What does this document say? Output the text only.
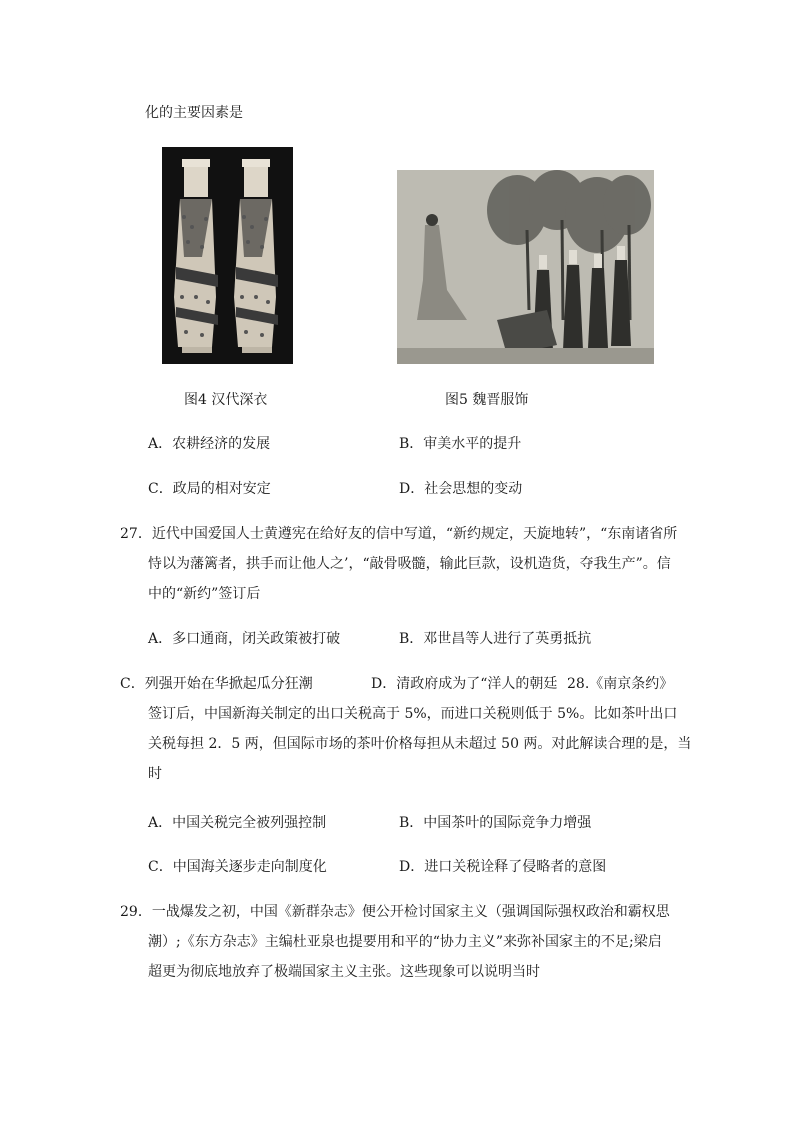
化的主要因素是
图4 汉代深衣	图5 魏晋服饰
A．农耕经济的发展	B．审美水平的提升
C．政局的相对安定	D．社会思想的变动
27．近代中国爱国人士黄遵宪在给好友的信中写道，“新约规定，天旋地转”，“东南诸省所
恃以为藩篱者，拱手而让他人之’，“敲骨吸髓，输此巨款，设机造货，夺我生产”。信
中的“新约”签订后
A．多口通商，闭关政策被打破	B．邓世昌等人进行了英勇抵抗
C．列强开始在华掀起瓜分狂潮	D．清政府成为了“洋人的朝廷 28.《南京条约》
签订后，中国新海关制定的出口关税高于 5%，而进口关税则低于 5%。比如茶叶出口
关税每担 2．5 两，但国际市场的茶叶价格每担从未超过 50 两。对此解读合理的是，当
时
A．中国关税完全被列强控制	B．中国茶叶的国际竞争力增强
C．中国海关逐步走向制度化	D．进口关税诠释了侵略者的意图
29．一战爆发之初，中国《新群杂志》便公开检讨国家主义（强调国际强权政治和霸权思
潮）;《东方杂志》主编杜亚泉也提要用和平的“协力主义”来弥补国家主的不足;梁启
超更为彻底地放弃了极端国家主义主张。这些现象可以说明当时
